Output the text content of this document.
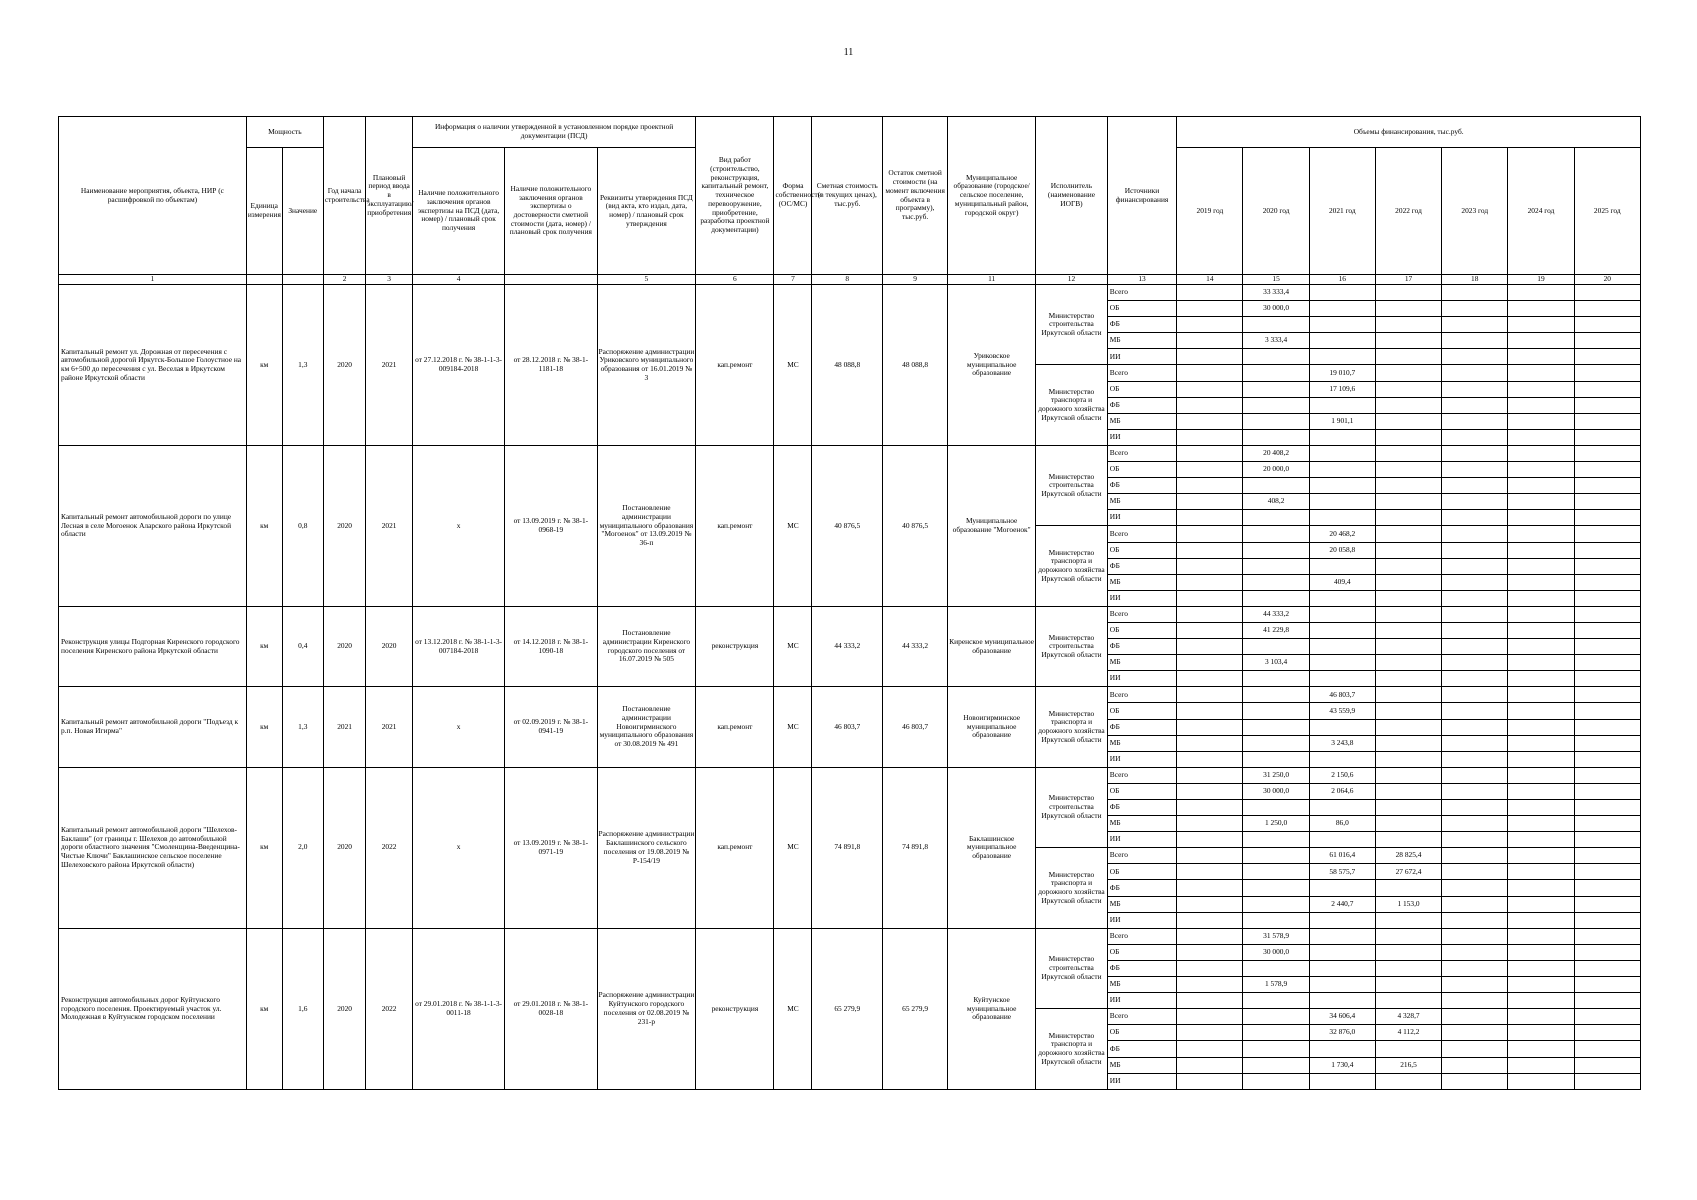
11
Наименование мероприятия, объекта, НИР (с расшифровкой по объектам)	Мощность		Год начала строительства	Плановый период ввода в эксплуатацию/приобретения	Информация о наличии утвержденной в установленном порядке проектной документации (ПСД)			Вид работ (строительство, реконструкция, капитальный ремонт, техническое перевооружение, приобретение, разработка проектной документации)	Форма собственности (ОС/МС)	Сметная стоимость (в текущих ценах), тыс.руб.	Остаток сметной стоимости (на момент включения объекта в программу), тыс.руб.	Муниципальное образование (городское/сельское поселение, муниципальный район, городской округ)	Исполнитель (наименование ИОГВ)	Источники финансирования	Объемы финансирования, тыс.руб.						
	Единица измерения	Значение			Наличие положительного заключения органов экспертизы на ПСД (дата, номер) / плановый срок получения	Наличие положительного заключения органов экспертизы о достоверности сметной стоимости (дата, номер) / плановый срок получения	Реквизиты утверждения ПСД (вид акта, кто издал, дата, номер) / плановый срок утверждения								2019 год	2020 год	2021 год	2022 год	2023 год	2024 год	2025 год
1			2	3	4		5	6	7	8	9	11	12	13	14	15	16	17	18	19	20
Капитальный ремонт ул. Дорожная от пересечения с автомобильной дорогой Иркутск-Большое Голоустное на км 6+500 до пересечения с ул. Веселая в Иркутском районе Иркутской области	км	1,3	2020	2021	от 27.12.2018 г. № 38-1-1-3-009184-2018	от 28.12.2018 г. № 38-1-1181-18	Распоряжение администрации Уриковского муниципального образования от 16.01.2019 № 3	кап.ремонт	МС	48 088,8	48 088,8	Уриковское муниципальное образование	Министерство строительства Иркутской области	Всего		33 333,4					
														ОБ		30 000,0					
														ФБ							
														МБ		3 333,4					
														ИИ							
													Министерство транспорта и дорожного хозяйства Иркутской области	Всего			19 010,7				
														ОБ			17 109,6				
														ФБ							
														МБ			1 901,1				
														ИИ							
Капитальный ремонт автомобильной дороги по улице Лесная в селе Могоенок Аларского района Иркутской области	км	0,8	2020	2021	х	от 13.09.2019 г. № 38-1-0968-19	Постановление администрации муниципального образования "Могоенок" от 13.09.2019 № 36-п	кап.ремонт	МС	40 876,5	40 876,5	Муниципальное образование "Могоенок"	Министерство строительства Иркутской области	Всего		20 408,2					
														ОБ		20 000,0					
														ФБ							
														МБ		408,2					
														ИИ							
													Министерство транспорта и дорожного хозяйства Иркутской области	Всего			20 468,2				
														ОБ			20 058,8				
														ФБ							
														МБ			409,4				
														ИИ							
Реконструкция улицы Подгорная Киренского городского поселения Киренского района Иркутской области	км	0,4	2020	2020	от 13.12.2018 г. № 38-1-1-3-007184-2018	от 14.12.2018 г. № 38-1-1090-18	Постановление администрации Киренского городского поселения от 16.07.2019 № 505	реконструкция	МС	44 333,2	44 333,2	Киренское муниципальное образование	Министерство строительства Иркутской области	Всего		44 333,2					
														ОБ		41 229,8					
														ФБ							
														МБ		3 103,4					
														ИИ							
Капитальный ремонт автомобильной дороги "Подъезд к р.п. Новая Игирма"	км	1,3	2021	2021	х	от 02.09.2019 г. № 38-1-0941-19	Постановление администрации Новоигирминского муниципального образования от 30.08.2019 № 491	кап.ремонт	МС	46 803,7	46 803,7	Новоигирминское муниципальное образование	Министерство транспорта и дорожного хозяйства Иркутской области	Всего			46 803,7				
														ОБ			43 559,9				
														ФБ							
														МБ			3 243,8				
														ИИ							
Капитальный ремонт автомобильной дороги "Шелехов-Баклаши" (от границы г. Шелехов до автомобильной дороги областного значения "Смоленщина-Введенщина-Чистые Ключи" Баклашинское сельское поселение Шелеховского района Иркутской области)	км	2,0	2020	2022	х	от 13.09.2019 г. № 38-1-0971-19	Распоряжение администрации Баклашинского сельского поселения от 19.08.2019 № Р-154/19	кап.ремонт	МС	74 891,8	74 891,8	Баклашинское муниципальное образование	Министерство строительства Иркутской области	Всего		31 250,0	2 150,6				
														ОБ		30 000,0	2 064,6				
														ФБ							
														МБ		1 250,0	86,0				
														ИИ							
													Министерство транспорта и дорожного хозяйства Иркутской области	Всего			61 016,4	28 825,4			
														ОБ			58 575,7	27 672,4			
														ФБ							
														МБ			2 440,7	1 153,0			
														ИИ							
Реконструкция автомобильных дорог Куйтунского городского поселения. Проектируемый участок ул. Молодежная в Куйтунском городском поселении	км	1,6	2020	2022	от 29.01.2018 г. № 38-1-1-3-0011-18	от 29.01.2018 г. № 38-1-0028-18	Распоряжение администрации Куйтунского городского поселения от 02.08.2019 № 231-р	реконструкция	МС	65 279,9	65 279,9	Куйтунское муниципальное образование	Министерство строительства Иркутской области	Всего		31 578,9					
														ОБ		30 000,0					
														ФБ							
														МБ		1 578,9					
														ИИ							
													Министерство транспорта и дорожного хозяйства Иркутской области	Всего			34 606,4	4 328,7			
														ОБ			32 876,0	4 112,2			
														ФБ							
														МБ			1 730,4	216,5			
														ИИ							
